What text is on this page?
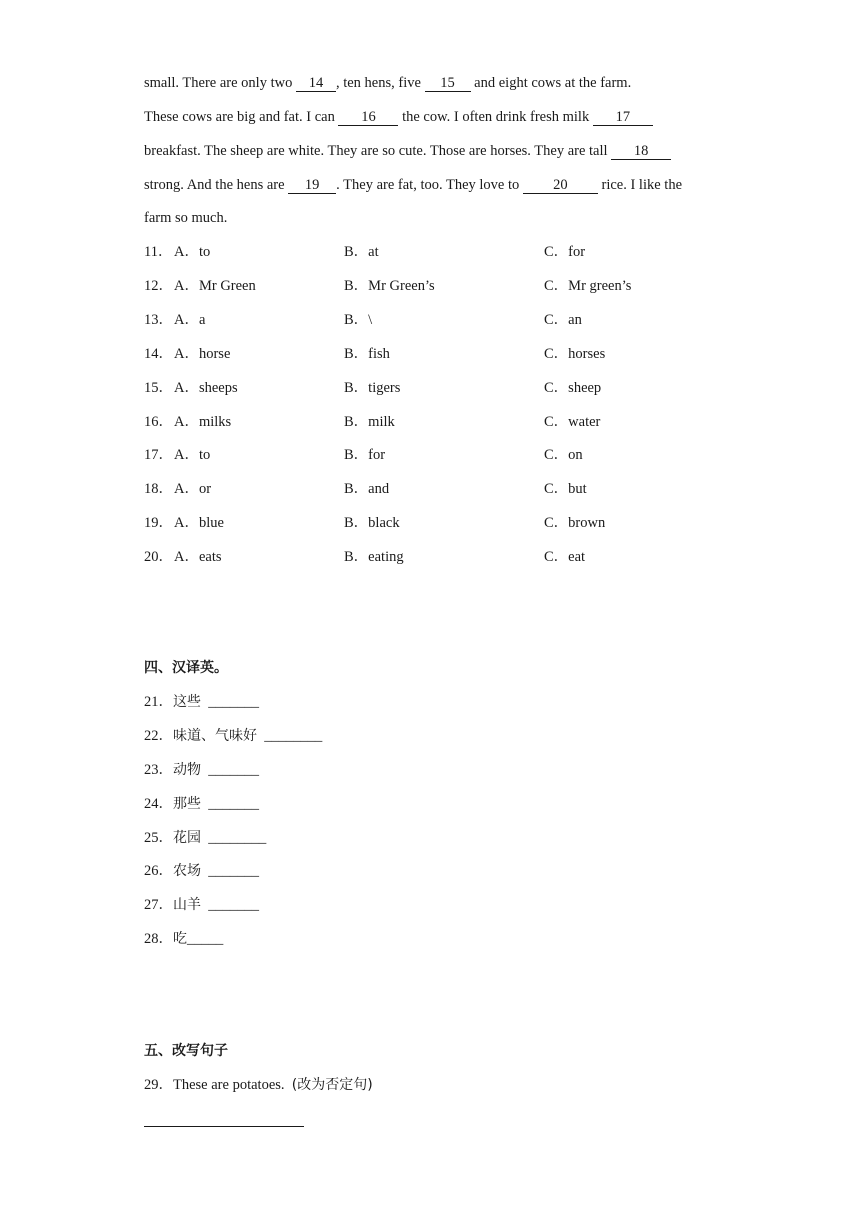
small. There are only two 14 , ten hens, five 15 and eight cows at the farm.
These cows are big and fat. I can 16 the cow. I often drink fresh milk 17
breakfast. The sheep are white. They are so cute. Those are horses. They are tall 18
strong. And the hens are 19 . They are fat, too. They love to 20 rice. I like the
farm so much.
11． A．to	B．at	C．for
12． A．Mr Green	B．Mr Green’s	C．Mr green’s
13． A．a	B．\	C．an
14． A．horse	B．fish	C．horses
15． A．sheeps	B．tigers	C．sheep
16． A．milks	B．milk	C．water
17． A．to	B．for	C．on
18． A．or	B．and	C．but
19． A．blue	B．black	C．brown
20． A．eats	B．eating	C．eat
四、汉译英。
21．这些 _______
22．味道、气味好 ________
23．动物 _______
24．那些 _______
25．花园 ________
26．农场 _______
27．山羊 _______
28．吃_____
五、改写句子
29．These are potatoes. (改为否定句)
